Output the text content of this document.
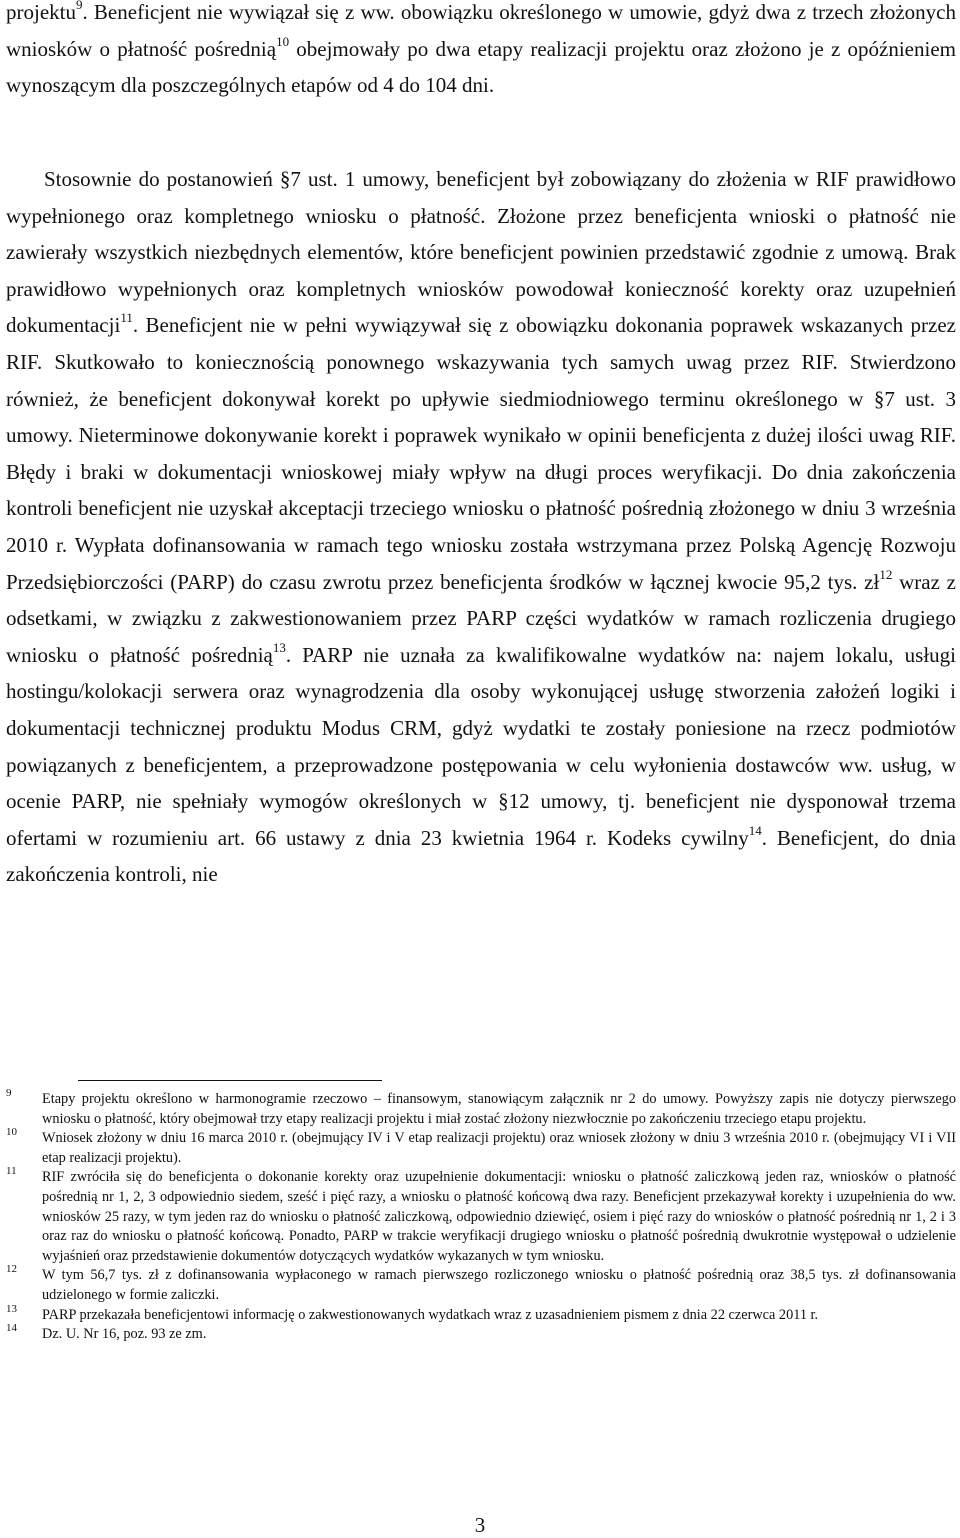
projektu$^9$. Beneficjent nie wywiązał się z ww. obowiązku określonego w umowie, gdyż dwa z trzech złożonych wniosków o płatność pośrednią$^{10}$ obejmowały po dwa etapy realizacji projektu oraz złożono je z opóźnieniem wynoszącym dla poszczególnych etapów od 4 do 104 dni.

Stosownie do postanowień §7 ust. 1 umowy, beneficjent był zobowiązany do złożenia w RIF prawidłowo wypełnionego oraz kompletnego wniosku o płatność. Złożone przez beneficjenta wnioski o płatność nie zawierały wszystkich niezbędnych elementów, które beneficjent powinien przedstawić zgodnie z umową. Brak prawidłowo wypełnionych oraz kompletnych wniosków powodował konieczność korekty oraz uzupełnień dokumentacji$^{11}$. Beneficjent nie w pełni wywiązywał się z obowiązku dokonania poprawek wskazanych przez RIF. Skutkowało to koniecznością ponownego wskazywania tych samych uwag przez RIF. Stwierdzono również, że beneficjent dokonywał korekt po upływie siedmiodniowego terminu określonego w §7 ust. 3 umowy. Nieterminowe dokonywanie korekt i poprawek wynikało w opinii beneficjenta z dużej ilości uwag RIF. Błędy i braki w dokumentacji wnioskowej miały wpływ na długi proces weryfikacji. Do dnia zakończenia kontroli beneficjent nie uzyskał akceptacji trzeciego wniosku o płatność pośrednią złożonego w dniu 3 września 2010 r. Wypłata dofinansowania w ramach tego wniosku została wstrzymana przez Polską Agencję Rozwoju Przedsiębiorczości (PARP) do czasu zwrotu przez beneficjenta środków w łącznej kwocie 95,2 tys. zł$^{12}$ wraz z odsetkami, w związku z zakwestionowaniem przez PARP części wydatków w ramach rozliczenia drugiego wniosku o płatność pośrednią$^{13}$. PARP nie uznała za kwalifikowalne wydatków na: najem lokalu, usługi hostingu/kolokacji serwera oraz wynagrodzenia dla osoby wykonującej usługę stworzenia założeń logiki i dokumentacji technicznej produktu Modus CRM, gdyż wydatki te zostały poniesione na rzecz podmiotów powiązanych z beneficjentem, a przeprowadzone postępowania w celu wyłonienia dostawców ww. usług, w ocenie PARP, nie spełniały wymogów określonych w §12 umowy, tj. beneficjent nie dysponował trzema ofertami w rozumieniu art. 66 ustawy z dnia 23 kwietnia 1964 r. Kodeks cywilny$^{14}$. Beneficjent, do dnia zakończenia kontroli, nie

9 Etapy projektu określono w harmonogramie rzeczowo – finansowym, stanowiącym załącznik nr 2 do umowy. Powyższy zapis nie dotyczy pierwszego wniosku o płatność, który obejmował trzy etapy realizacji projektu i miał zostać złożony niezwłocznie po zakończeniu trzeciego etapu projektu.
10 Wniosek złożony w dniu 16 marca 2010 r. (obejmujący IV i V etap realizacji projektu) oraz wniosek złożony w dniu 3 września 2010 r. (obejmujący VI i VII etap realizacji projektu).
11 RIF zwróciła się do beneficjenta o dokonanie korekty oraz uzupełnienie dokumentacji: wniosku o płatność zaliczkową jeden raz, wniosków o płatność pośrednią nr 1, 2, 3 odpowiednio siedem, sześć i pięć razy, a wniosku o płatność końcową dwa razy. Beneficjent przekazywał korekty i uzupełnienia do ww. wniosków 25 razy, w tym jeden raz do wniosku o płatność zaliczkową, odpowiednio dziewięć, osiem i pięć razy do wniosków o płatność pośrednią nr 1, 2 i 3 oraz raz do wniosku o płatność końcową. Ponadto, PARP w trakcie weryfikacji drugiego wniosku o płatność pośrednią dwukrotnie występował o udzielenie wyjaśnień oraz przedstawienie dokumentów dotyczących wydatków wykazanych w tym wniosku.
12 W tym 56,7 tys. zł z dofinansowania wypłaconego w ramach pierwszego rozliczonego wniosku o płatność pośrednią oraz 38,5 tys. zł dofinansowania udzielonego w formie zaliczki.
13 PARP przekazała beneficjentowi informację o zakwestionowanych wydatkach wraz z uzasadnieniem pismem z dnia 22 czerwca 2011 r.
14 Dz. U. Nr 16, poz. 93 ze zm.
3
